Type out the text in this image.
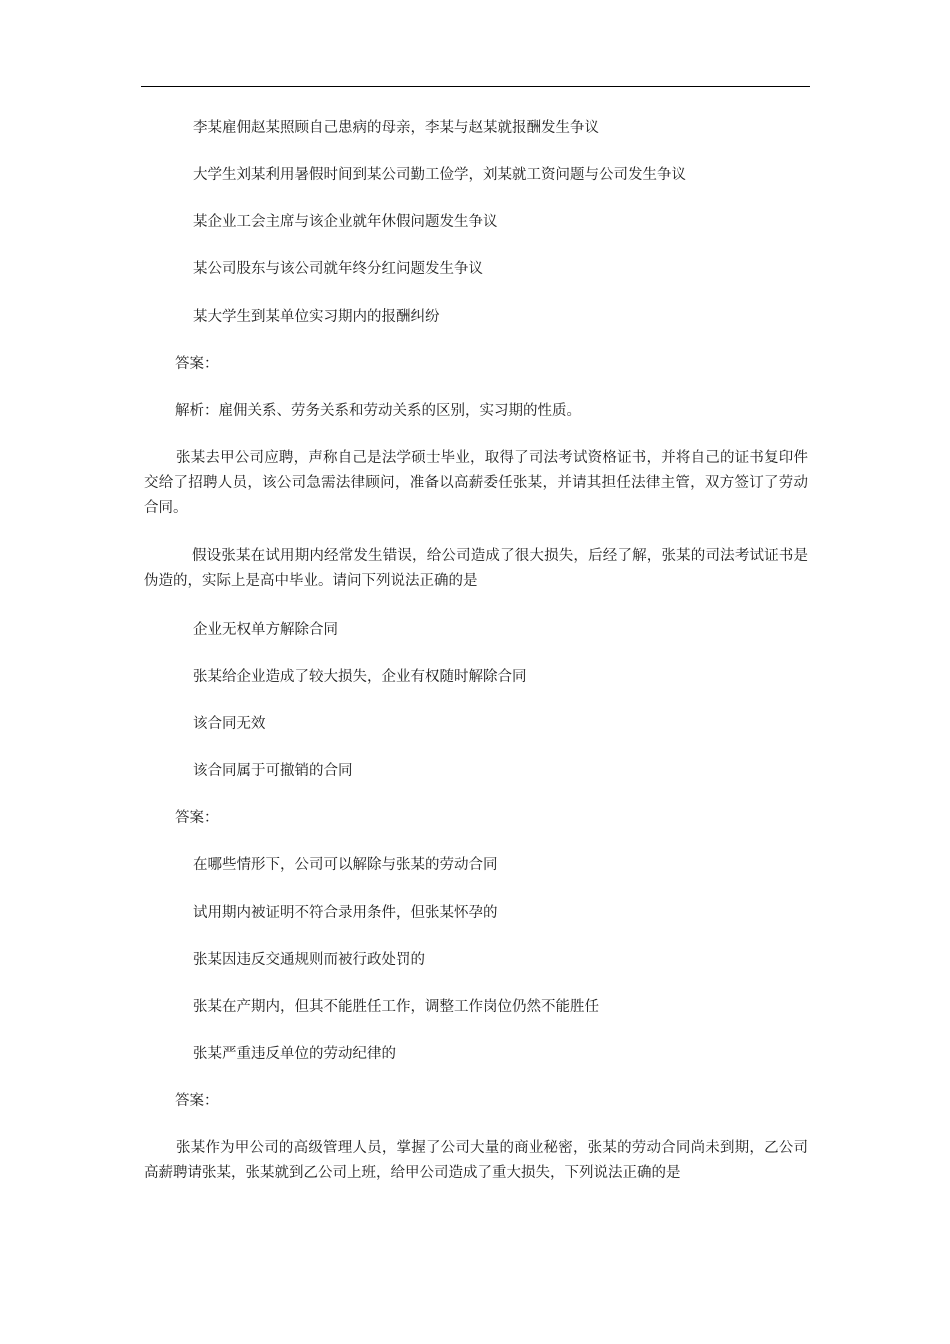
李某雇佣赵某照顾自己患病的母亲，李某与赵某就报酬发生争议
大学生刘某利用暑假时间到某公司勤工俭学，刘某就工资问题与公司发生争议
某企业工会主席与该企业就年休假问题发生争议
某公司股东与该公司就年终分红问题发生争议
某大学生到某单位实习期内的报酬纠纷
答案：
解析：雇佣关系、劳务关系和劳动关系的区别，实习期的性质。
张某去甲公司应聘，声称自己是法学硕士毕业，取得了司法考试资格证书，并将自己的证书复印件交给了招聘人员，该公司急需法律顾问，准备以高薪委任张某，并请其担任法律主管，双方签订了劳动合同。
假设张某在试用期内经常发生错误，给公司造成了很大损失，后经了解，张某的司法考试证书是伪造的，实际上是高中毕业。请问下列说法正确的是
企业无权单方解除合同
张某给企业造成了较大损失，企业有权随时解除合同
该合同无效
该合同属于可撤销的合同
答案：
在哪些情形下，公司可以解除与张某的劳动合同
试用期内被证明不符合录用条件，但张某怀孕的
张某因违反交通规则而被行政处罚的
张某在产期内，但其不能胜任工作，调整工作岗位仍然不能胜任
张某严重违反单位的劳动纪律的
答案：
张某作为甲公司的高级管理人员，掌握了公司大量的商业秘密，张某的劳动合同尚未到期，乙公司高薪聘请张某，张某就到乙公司上班，给甲公司造成了重大损失，下列说法正确的是
